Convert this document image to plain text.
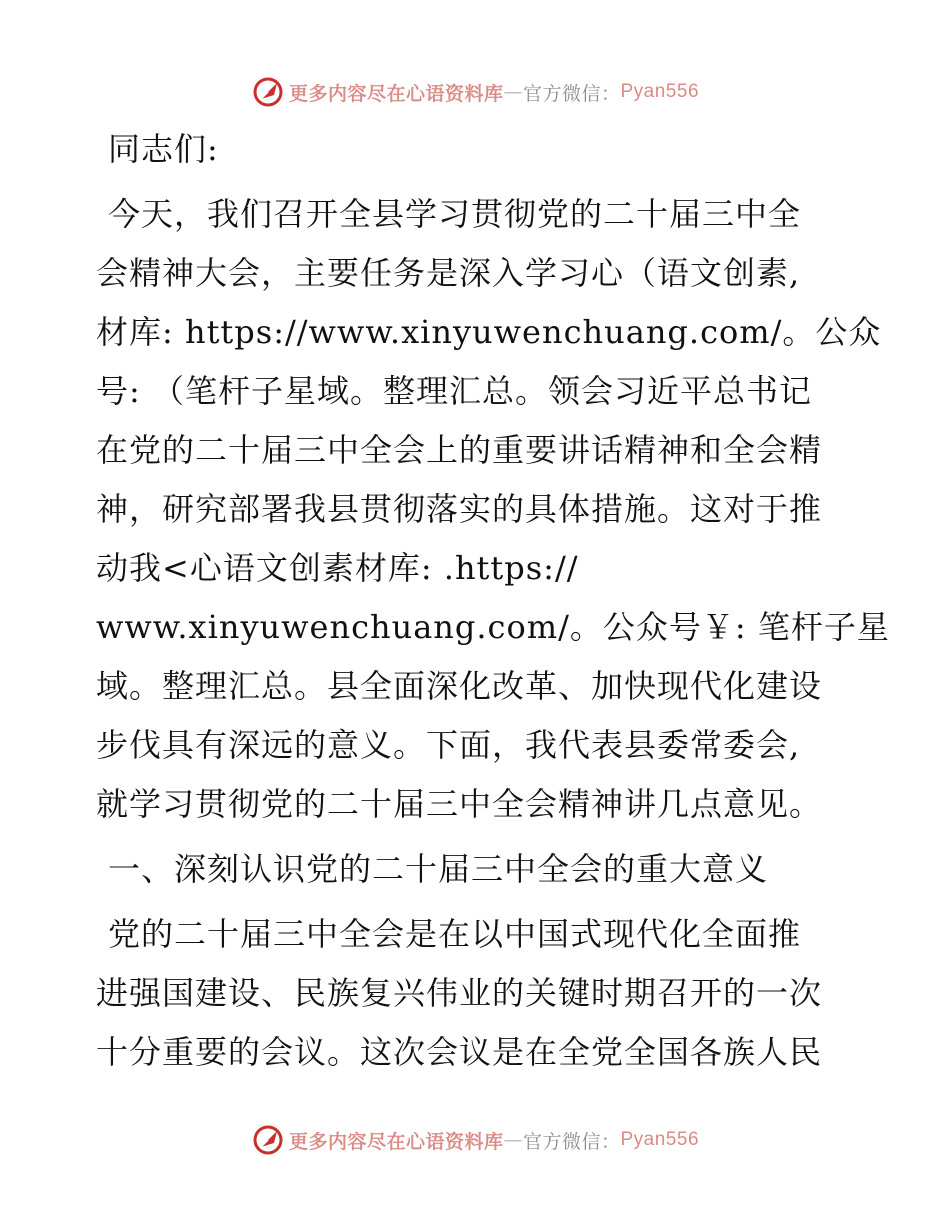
更多内容尽在心语资料库 — 官方微信： Pyan556
同志们:
今天，我们召开全县学习贯彻党的二十届三中全
会精神大会，主要任务是深入学习心（语文创素,
材库: https://www.xinyuwenchuang.com/。公众
号: （笔杆子星域。整理汇总。领会习近平总书记
在党的二十届三中全会上的重要讲话精神和全会精
神，研究部署我县贯彻落实的具体措施。这对于推
动我<心语文创素材库: .https://
www.xinyuwenchuang.com/。公众号￥: 笔杆子星
域。整理汇总。县全面深化改革、加快现代化建设
步伐具有深远的意义。下面，我代表县委常委会,
就学习贯彻党的二十届三中全会精神讲几点意见。
一、深刻认识党的二十届三中全会的重大意义
党的二十届三中全会是在以中国式现代化全面推
进强国建设、民族复兴伟业的关键时期召开的一次
十分重要的会议。这次会议是在全党全国各族人民
更多内容尽在心语资料库 — 官方微信： Pyan556
